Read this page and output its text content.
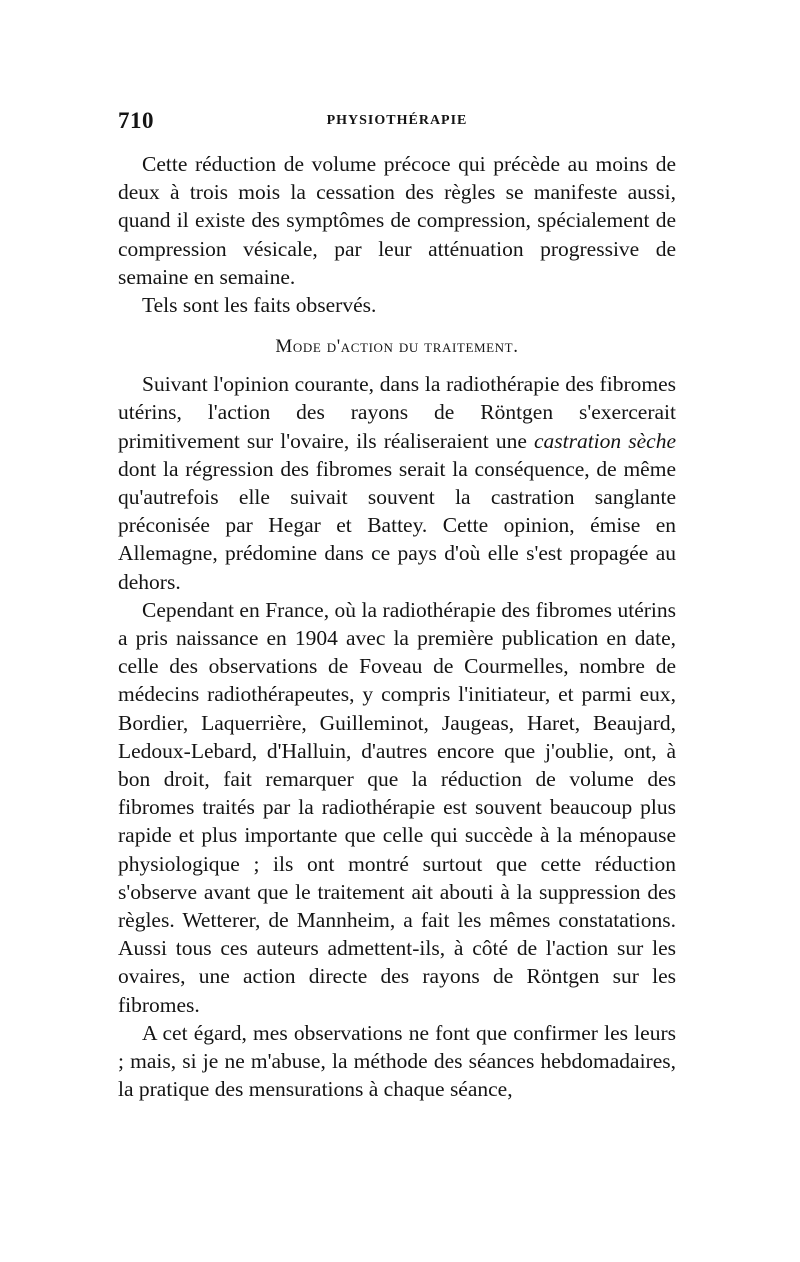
710	PHYSIOTHÉRAPIE

Cette réduction de volume précoce qui précède au moins de deux à trois mois la cessation des règles se manifeste aussi, quand il existe des symptômes de compression, spécialement de compression vésicale, par leur atténuation progressive de semaine en semaine.

Tels sont les faits observés.

Mode d'action du traitement.

Suivant l'opinion courante, dans la radiothérapie des fibromes utérins, l'action des rayons de Röntgen s'exercerait primitivement sur l'ovaire, ils réaliseraient une castration sèche dont la régression des fibromes serait la conséquence, de même qu'autrefois elle suivait souvent la castration sanglante préconisée par Hegar et Battey. Cette opinion, émise en Allemagne, prédomine dans ce pays d'où elle s'est propagée au dehors.

Cependant en France, où la radiothérapie des fibromes utérins a pris naissance en 1904 avec la première publication en date, celle des observations de Foveau de Courmelles, nombre de médecins radiothérapeutes, y compris l'initiateur, et parmi eux, Bordier, Laquerrière, Guilleminot, Jaugeas, Haret, Beaujard, Ledoux-Lebard, d'Halluin, d'autres encore que j'oublie, ont, à bon droit, fait remarquer que la réduction de volume des fibromes traités par la radiothérapie est souvent beaucoup plus rapide et plus importante que celle qui succède à la ménopause physiologique ; ils ont montré surtout que cette réduction s'observe avant que le traitement ait abouti à la suppression des règles. Wetterer, de Mannheim, a fait les mêmes constatations. Aussi tous ces auteurs admettent-ils, à côté de l'action sur les ovaires, une action directe des rayons de Röntgen sur les fibromes.

A cet égard, mes observations ne font que confirmer les leurs ; mais, si je ne m'abuse, la méthode des séances hebdomadaires, la pratique des mensurations à chaque séance,
